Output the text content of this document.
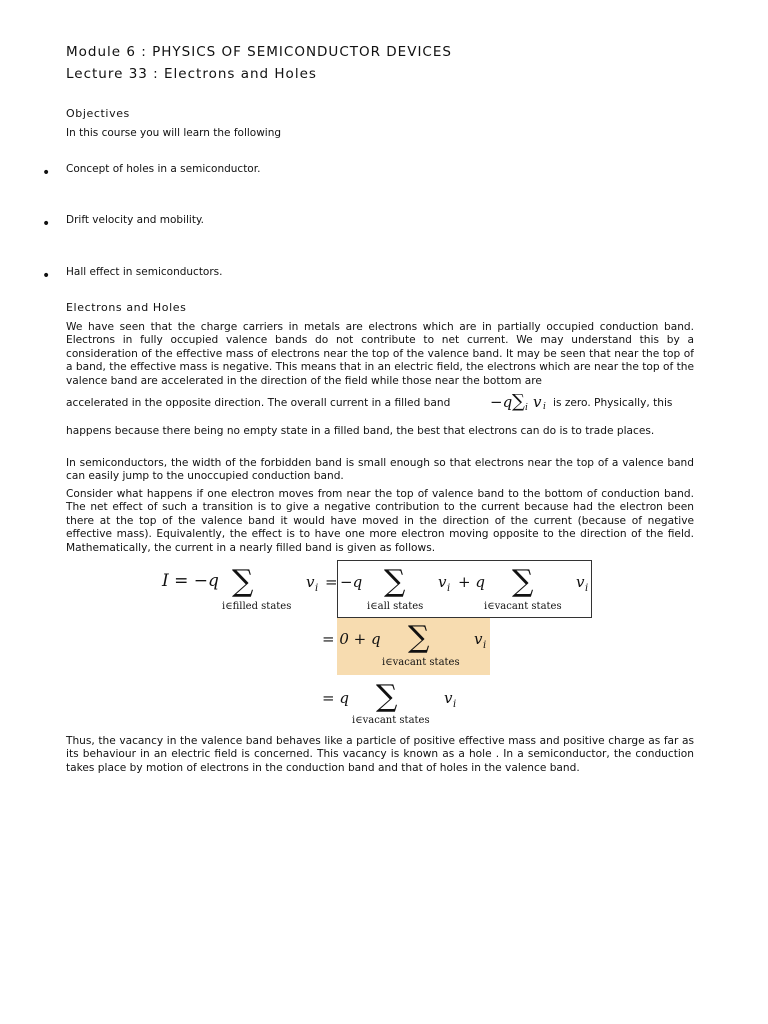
Module 6 : PHYSICS OF SEMICONDUCTOR DEVICES
Lecture 33 : Electrons and Holes
Objectives
In this course you will learn the following
• Concept of holes in a semiconductor.
• Drift velocity and mobility.
• Hall effect in semiconductors.
Electrons and Holes
We have seen that the charge carriers in metals are electrons which are in partially occupied conduction band. Electrons in fully occupied valence bands do not contribute to net current. We may understand this by a consideration of the effective mass of electrons near the top of the valence band. It may be seen that near the top of a band, the effective mass is negative. This means that in an electric field, the electrons which are near the top of the valence band are accelerated in the direction of the field while those near the bottom are
accelerated in the opposite direction. The overall current in a filled band	−q ∑ i v i is zero. Physically, this
happens because there being no empty state in a filled band, the best that electrons can do is to trade places.
In semiconductors, the width of the forbidden band is small enough so that electrons near the top of a valence band can easily jump to the unoccupied conduction band.
Consider what happens if one electron moves from near the top of valence band to the bottom of conduction band. The net effect of such a transition is to give a negative contribution to the current because had the electron been there at the top of the valence band it would have moved in the direction of the current (because of negative effective mass). Equivalently, the effect is to have one more electron moving opposite to the direction of the field. Mathematically, the current in a nearly filled band is given as follows.
I = −q ∑
i∈filled states
v i = −q ∑
i∈all states
v i + q ∑
i∈vacant states
v i
= 0 + q ∑
i∈vacant states
v i
= q ∑
i∈vacant states
v i
Thus, the vacancy in the valence band behaves like a particle of positive effective mass and positive charge as far as its behaviour in an electric field is concerned. This vacancy is known as a hole . In a semiconductor, the conduction takes place by motion of electrons in the conduction band and that of holes in the valence band.
